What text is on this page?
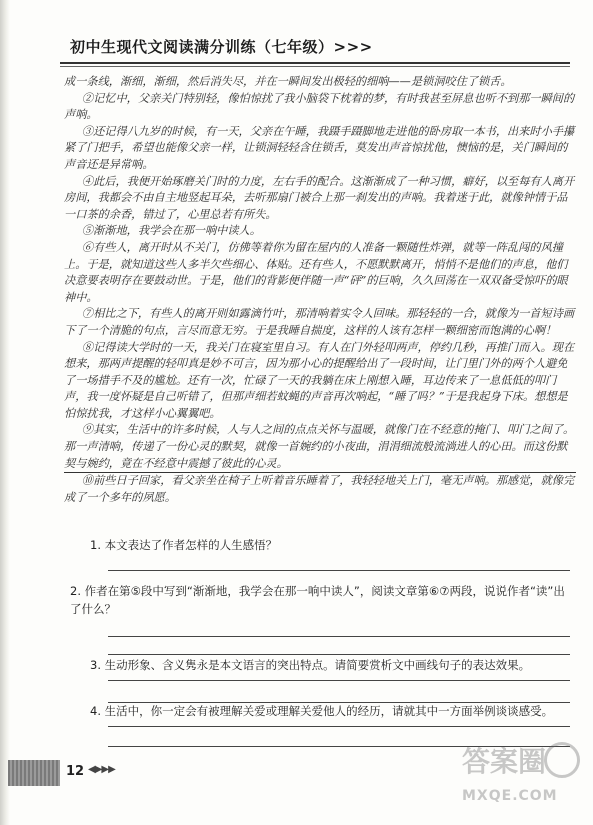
初中生现代文阅读满分训练（七年级）>>>

成一条线，渐细，渐细，然后消失尽，并在一瞬间发出极轻的细响——是锁洞咬住了锁舌。

②记忆中，父亲关门特别轻，像怕惊扰了我小脑袋下枕着的梦，有时我甚至屏息也听不到那一瞬间的声响。

③还记得八九岁的时候，有一天，父亲在午睡，我蹑手蹑脚地走进他的卧房取一本书，出来时小手攥紧了门把手，希望也能像父亲一样，让锁洞轻轻含住锁舌，莫发出声音惊扰他，懊恼的是，关门瞬间的声音还是异常响。

④此后，我便开始琢磨关门时的力度，左右手的配合。这渐渐成了一种习惯，癖好，以至每有人离开房间，我都会不由自主地竖起耳朵，去听那扇门被合上那一刹发出的声响。我着迷于此，就像钟情于品一口茶的余香，错过了，心里总若有所失。

⑤渐渐地，我学会在那一响中读人。

⑥有些人，离开时从不关门，仿佛等着你为留在屋内的人准备一颗随性炸弹，就等一阵乱闯的风撞上。于是，就知道这些人多半欠些细心、体贴。还有些人，不愿默默离开，悄悄不是他们的声息，他们决意要表明存在要鼓动世。于是，他们的背影便伴随一声“砰”的巨响，久久回荡在一双双备受惊吓的眼神中。

⑦相比之下，有些人的离开则如露滴竹叶，那清响着实令人回味。那轻轻的一合，就像为一首短诗画下了一个清脆的句点，言尽而意无穷。于是我睡自揣度，这样的人该有怎样一颗细密而饱满的心啊！

⑧记得读大学时的一天，我关门在寝室里自习。有人在门外轻叩两声，停约几秒，再推门而入。现在想来，那两声提醒的轻叩真是妙不可言，因为那小心的提醒给出了一段时间，让门里门外的两个人避免了一场措手不及的尴尬。还有一次，忙碌了一天的我躺在床上刚想入睡，耳边传来了一息低低的叩门声，我一度怀疑是自己听错了，但那声细若蚊蝇的声音再次响起，“睡了吗？”于是我起身下床。想想是怕惊扰我，才这样小心翼翼吧。

⑨其实，生活中的许多时候，人与人之间的点点关怀与温暖，就像门在不经意的掩门、叩门之间了。那一声清响，传递了一份心灵的默契，就像一首婉约的小夜曲，涓涓细流般流淌进人的心田。而这份默契与婉约，竟在不经意中震撼了彼此的心灵。

⑩前些日子回家，看父亲坐在椅子上听着音乐睡着了，我轻轻地关上门，毫无声响。那感觉，就像完成了一个多年的夙愿。

1. 本文表达了作者怎样的人生感悟？
2. 作者在第⑤段中写到“渐渐地，我学会在那一响中读人”，阅读文章第⑥⑦两段，说说作者“读”出了什么？
3. 生动形象、含义隽永是本文语言的突出特点。请简要赏析文中画线句子的表达效果。
4. 生活中，你一定会有被理解关爱或理解关爱他人的经历，请就其中一方面举例谈谈感受。
12 ◀▶▶▶	答案圈
MXQE.COM
